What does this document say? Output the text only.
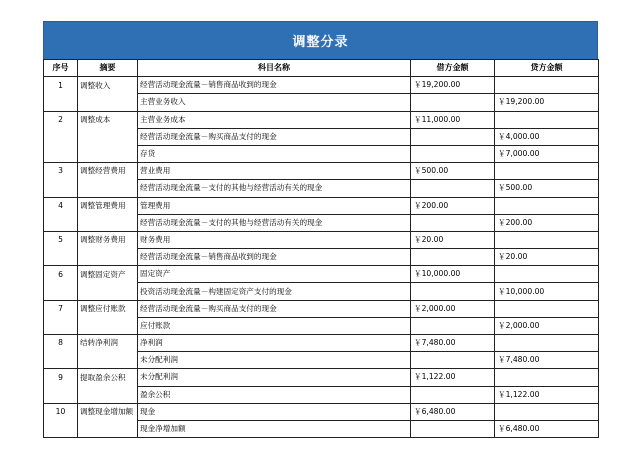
调整分录
序号	摘要	科目名称	借方金额	贷方金额
1	调整收入	经营活动现金流量－销售商品收到的现金	￥19,200.00	
		主营业务收入		￥19,200.00
2	调整成本	主营业务成本	￥11,000.00	
		经营活动现金流量－购买商品支付的现金		￥4,000.00
		存货		￥7,000.00
3	调整经营费用	营业费用	￥500.00	
		经营活动现金流量－支付的其他与经营活动有关的现金		￥500.00
4	调整管理费用	管理费用	￥200.00	
		经营活动现金流量－支付的其他与经营活动有关的现金		￥200.00
5	调整财务费用	财务费用	￥20.00	
		经营活动现金流量－销售商品收到的现金		￥20.00
6	调整固定资产	固定资产	￥10,000.00	
		投资活动现金流量－构建固定资产支付的现金		￥10,000.00
7	调整应付账款	经营活动现金流量－购买商品支付的现金	￥2,000.00	
		应付账款		￥2,000.00
8	结转净利润	净利润	￥7,480.00	
		未分配利润		￥7,480.00
9	提取盈余公积	未分配利润	￥1,122.00	
		盈余公积		￥1,122.00
10	调整现金增加额	现金	￥6,480.00	
		现金净增加额		￥6,480.00
